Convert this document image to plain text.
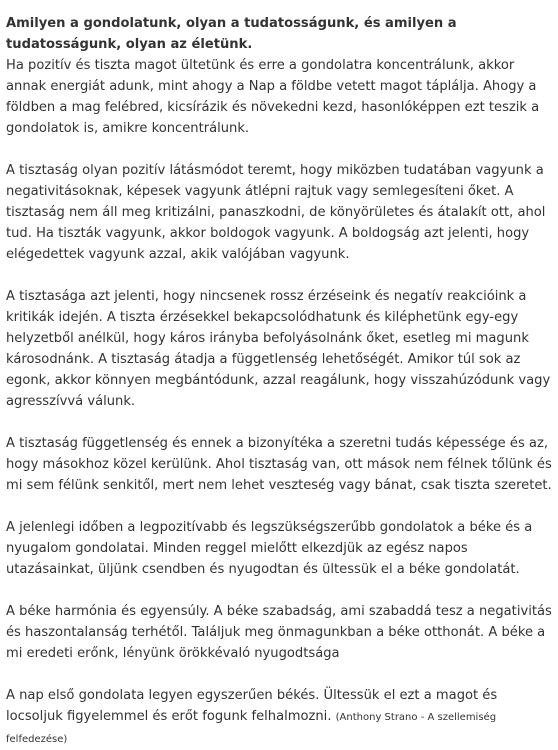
Amilyen a gondolatunk, olyan a tudatosságunk, és amilyen a tudatosságunk, olyan az életünk.
Ha pozitív és tiszta magot ültetünk és erre a gondolatra koncentrálunk, akkor annak energiát adunk, mint ahogy a Nap a földbe vetett magot táplálja. Ahogy a földben a mag felébred, kicsírázik és növekedni kezd, hasonlóképpen ezt teszik a gondolatok is, amikre koncentrálunk.

A tisztaság olyan pozitív látásmódot teremt, hogy miközben tudatában vagyunk a negativitásoknak, képesek vagyunk átlépni rajtuk vagy semlegesíteni őket. A tisztaság nem áll meg kritizálni, panaszkodni, de könyörületes és átalakít ott, ahol tud. Ha tiszták vagyunk, akkor boldogok vagyunk. A boldogság azt jelenti, hogy elégedettek vagyunk azzal, akik valójában vagyunk.

A tisztasága azt jelenti, hogy nincsenek rossz érzéseink és negatív reakcióink a kritikák idején. A tiszta érzésekkel bekapcsolódhatunk és kiléphetünk egy-egy helyzetből anélkül, hogy káros irányba befolyásolnánk őket, esetleg mi magunk károsodnánk. A tisztaság átadja a függetlenség lehetőségét. Amikor túl sok az egonk, akkor könnyen megbántódunk, azzal reagálunk, hogy visszahúzódunk vagy agresszívvá válunk.

A tisztaság függetlenség és ennek a bizonyítéka a szeretni tudás képessége és az, hogy másokhoz közel kerülünk. Ahol tisztaság van, ott mások nem félnek tőlünk és mi sem félünk senkitől, mert nem lehet veszteség vagy bánat, csak tiszta szeretet.

A jelenlegi időben a legpozitívabb és legszükségszerűbb gondolatok a béke és a nyugalom gondolatai. Minden reggel mielőtt elkezdjük az egész napos utazásainkat, üljünk csendben és nyugodtan és ültessük el a béke gondolatát.

A béke harmónia és egyensúly. A béke szabadság, ami szabaddá tesz a negativitás és haszontalanság terhétől. Találjuk meg önmagunkban a béke otthonát. A béke a mi eredeti erőnk, lényünk örökkévaló nyugodtsága

A nap első gondolata legyen egyszerűen békés. Ültessük el ezt a magot és locsoljuk figyelemmel és erőt fogunk felhalmozni. (Anthony Strano - A szellemiség felfedezése)
